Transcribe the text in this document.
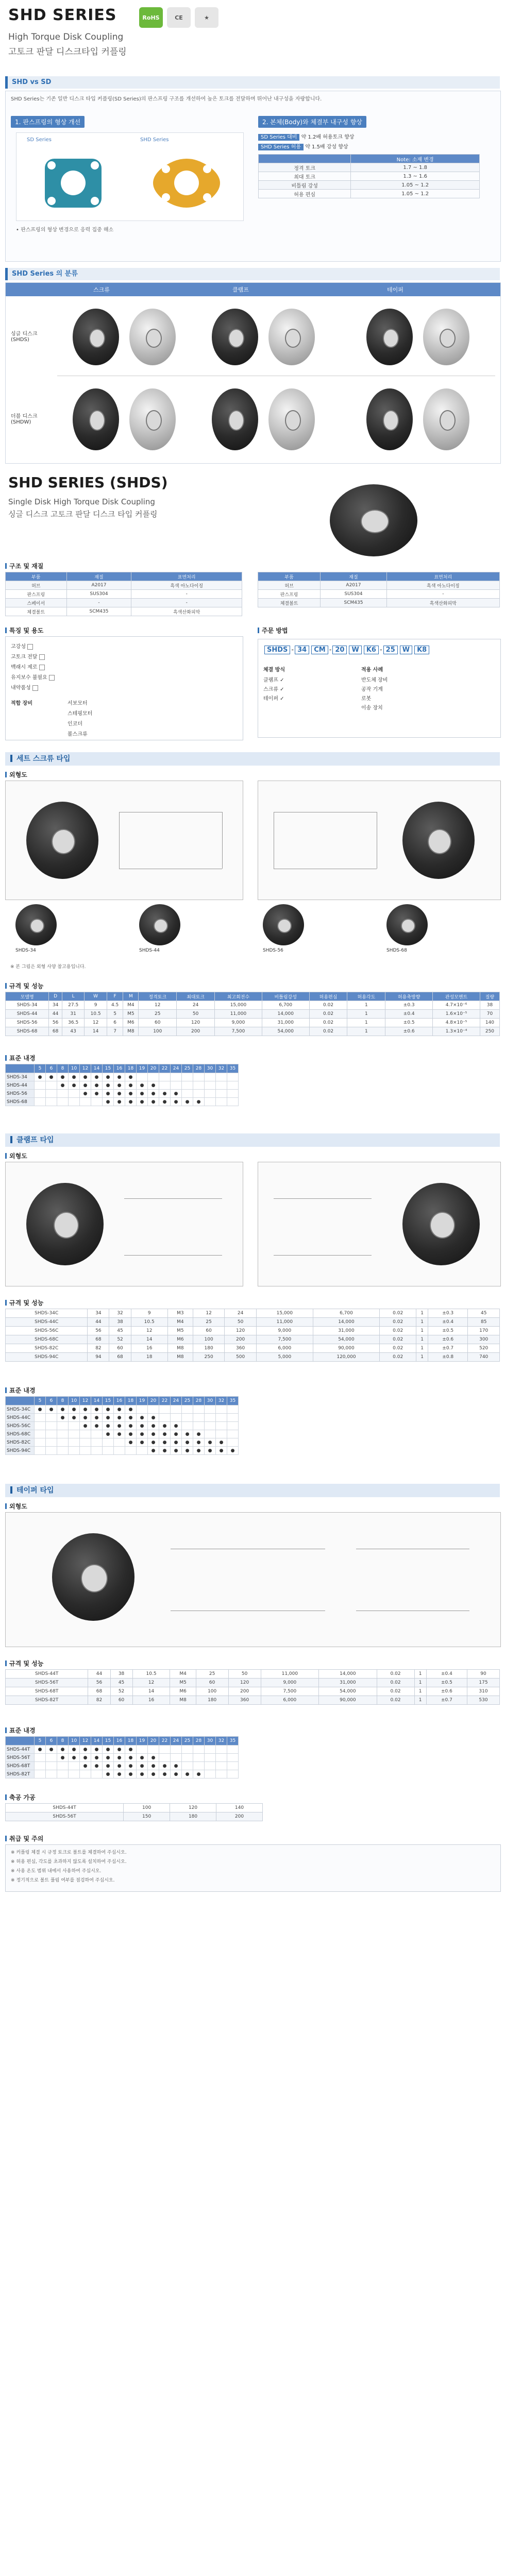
SHD SERIES	RoHS	CE	★
High Torque Disk Coupling
고토크 판달 디스크타입 커플링
SHD vs SD
SHD Series는 기존 일반 디스크 타입 커플링(SD Series)의 판스프링 구조를 개선하여 높은 토크를 전달하며 뛰어난 내구성을 자랑합니다.
1. 판스프링의 형상 개선	2. 본체(Body)와 체결부 내구성 향상
SD Series	SHD Series
• 판스프링의 형상 변경으로 응력 집중 해소
SD Series 대비 약 1.2배 허용토크 향상
SHD Series 허용 약 1.5배 강성 향상
	Note: 소재 변경
정격 토크	1.7 ~ 1.8
최대 토크	1.3 ~ 1.6
비틀림 강성	1.05 ~ 1.2
허용 편심	1.05 ~ 1.2
SHD Series 의 분류
스크류	클램프	테이퍼
싱글 디스크 (SHDS)
더블 디스크 (SHDW)
SHD SERIES (SHDS)
Single Disk High Torque Disk Coupling
싱글 디스크 고토크 판달 디스크 타입 커플링
구조 및 재질
부품	재질	표면처리
허브	A2017	흑색 아노다이징
판스프링	SUS304	-
스페이서	-	-
체결볼트	SCM435	흑색산화피막
부품	재질	표면처리
허브	A2017	흑색 아노다이징
판스프링	SUS304	-
체결볼트	SCM435	흑색산화피막
특징 및 용도
고강성
고토크 전달
백래시 제로
유지보수 불필요
내약품성
적합 장비	서보모터
스테핑모터
인코더
볼스크류
주문 방법
SHDS - 34 CM - 20 W K6 - 25 W K8
체결 방식
클램프 ✓
스크류 ✓
테이퍼 ✓
적용 사례
반도체 장비
공작 기계
로봇
이송 장치
세트 스크류 타입
외형도
SHDS-34	SHDS-44	SHDS-56	SHDS-68
※ 본 그림은 외형 사양 참고용입니다.
규격 및 성능
모델명	D	L	W	F	M	정격토크	최대토크	최고회전수	비틀림강성	허용편심	허용각도	허용축방향	관성모멘트	질량
SHDS-34	34	27.5	9	4.5	M4	12	24	15,000	6,700	0.02	1	±0.3	4.7×10⁻⁶	38
SHDS-44	44	31	10.5	5	M5	25	50	11,000	14,000	0.02	1	±0.4	1.6×10⁻⁵	70
SHDS-56	56	36.5	12	6	M6	60	120	9,000	31,000	0.02	1	±0.5	4.8×10⁻⁵	140
SHDS-68	68	43	14	7	M8	100	200	7,500	54,000	0.02	1	±0.6	1.3×10⁻⁴	250
표준 내경
	5	6	8	10	12	14	15	16	18	19	20	22	24	25	28	30	32	35
SHDS-34	●	●	●	●	●	●	●	●	●									
SHDS-44			●	●	●	●	●	●	●	●	●							
SHDS-56					●	●	●	●	●	●	●	●	●					
SHDS-68							●	●	●	●	●	●	●	●	●			
클램프 타입
외형도
규격 및 성능
SHDS-34C	34	32	9	M3	12	24	15,000	6,700	0.02	1	±0.3	45
SHDS-44C	44	38	10.5	M4	25	50	11,000	14,000	0.02	1	±0.4	85
SHDS-56C	56	45	12	M5	60	120	9,000	31,000	0.02	1	±0.5	170
SHDS-68C	68	52	14	M6	100	200	7,500	54,000	0.02	1	±0.6	300
SHDS-82C	82	60	16	M8	180	360	6,000	90,000	0.02	1	±0.7	520
SHDS-94C	94	68	18	M8	250	500	5,000	120,000	0.02	1	±0.8	740
표준 내경
	5	6	8	10	12	14	15	16	18	19	20	22	24	25	28	30	32	35
SHDS-34C	●	●	●	●	●	●	●	●	●									
SHDS-44C			●	●	●	●	●	●	●	●	●							
SHDS-56C					●	●	●	●	●	●	●	●	●					
SHDS-68C							●	●	●	●	●	●	●	●	●			
SHDS-82C									●	●	●	●	●	●	●	●	●	
SHDS-94C											●	●	●	●	●	●	●	●
테이퍼 타입
외형도
규격 및 성능
SHDS-44T	44	38	10.5	M4	25	50	11,000	14,000	0.02	1	±0.4	90
SHDS-56T	56	45	12	M5	60	120	9,000	31,000	0.02	1	±0.5	175
SHDS-68T	68	52	14	M6	100	200	7,500	54,000	0.02	1	±0.6	310
SHDS-82T	82	60	16	M8	180	360	6,000	90,000	0.02	1	±0.7	530
표준 내경
	5	6	8	10	12	14	15	16	18	19	20	22	24	25	28	30	32	35
SHDS-44T	●	●	●	●	●	●	●	●	●									
SHDS-56T			●	●	●	●	●	●	●	●	●							
SHDS-68T					●	●	●	●	●	●	●	●	●					
SHDS-82T							●	●	●	●	●	●	●	●	●			
축공 가공
SHDS-44T	100	120	140
SHDS-56T	150	180	200
취급 및 주의
※ 커플링 체결 시 규정 토크로 볼트를 체결하여 주십시오.
※ 허용 편심, 각도를 초과하지 않도록 설치하여 주십시오.
※ 사용 온도 범위 내에서 사용하여 주십시오.
※ 정기적으로 볼트 풀림 여부를 점검하여 주십시오.
